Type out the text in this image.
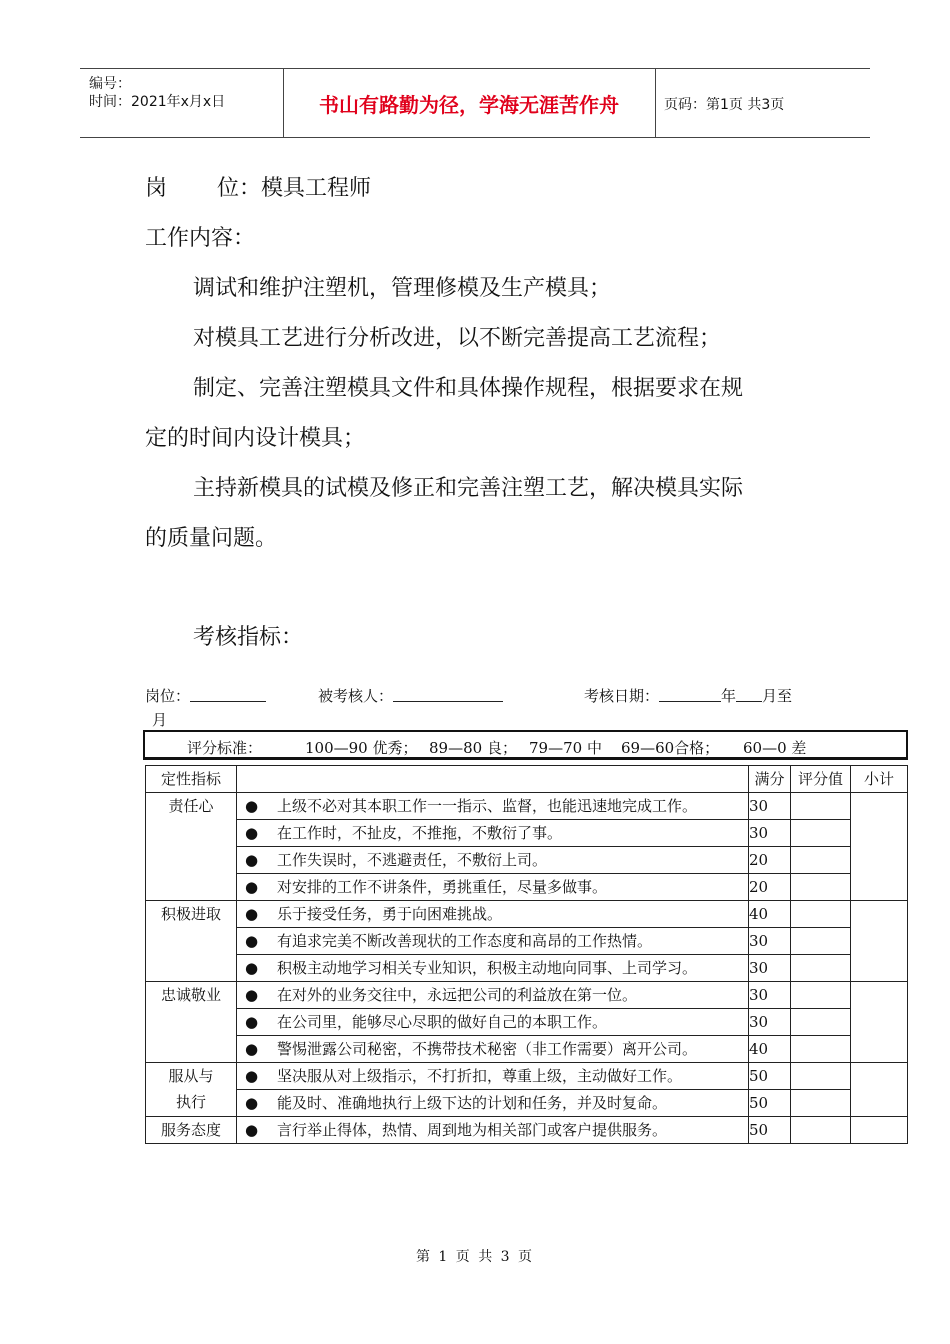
编号：
时间：2021年x月x日	书山有路勤为径，学海无涯苦作舟	页码：第1页 共3页
岗 位：模具工程师
工作内容：
调试和维护注塑机，管理修模及生产模具；
对模具工艺进行分析改进，以不断完善提高工艺流程；
制定、完善注塑模具文件和具体操作规程，根据要求在规
定的时间内设计模具；
主持新模具的试模及修正和完善注塑工艺，解决模具实际
的质量问题。
考核指标：
岗位：	被考核人：	考核日期：	年 月至
月
评分标准：	100—90 优秀； 89—80 良； 79—70 中 69—60合格； 60—0 差
定性指标		满分	评分值	小计

责任心	● 上级不必对其本职工作一一指示、监督，也能迅速地完成工作。	30		

	● 在工作时，不扯皮，不推拖，不敷衍了事。	30		

	● 工作失误时，不逃避责任，不敷衍上司。	20		

	● 对安排的工作不讲条件，勇挑重任，尽量多做事。	20		

积极进取	● 乐于接受任务，勇于向困难挑战。	40		

	● 有追求完美不断改善现状的工作态度和高昂的工作热情。	30		

	● 积极主动地学习相关专业知识，积极主动地向同事、上司学习。	30		

忠诚敬业	● 在对外的业务交往中，永远把公司的利益放在第一位。	30		

	● 在公司里，能够尽心尽职的做好自己的本职工作。	30		

	● 警惕泄露公司秘密，不携带技术秘密（非工作需要）离开公司。	40		

服从与
执行	● 坚决服从对上级指示，不打折扣，尊重上级，主动做好工作。	50		

	● 能及时、准确地执行上级下达的计划和任务，并及时复命。	50		

服务态度	● 言行举止得体，热情、周到地为相关部门或客户提供服务。	50		
第 1 页 共 3 页
